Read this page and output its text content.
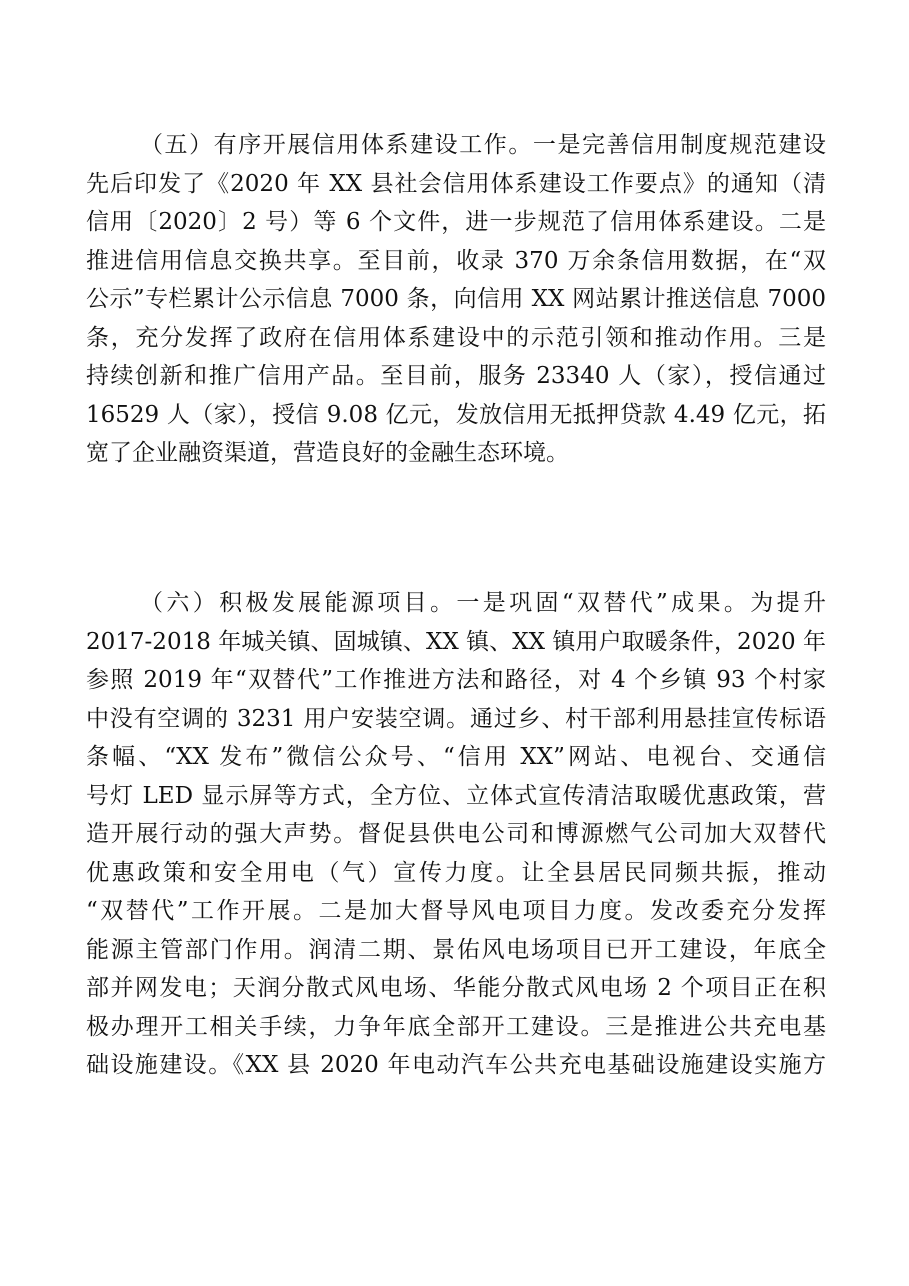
（五）有序开展信用体系建设工作。一是完善信用制度规范建设
先后印发了《2020 年 XX 县社会信用体系建设工作要点》的通知（清
信用〔2020〕2 号）等 6 个文件，进一步规范了信用体系建设。二是
推进信用信息交换共享。至目前，收录 370 万余条信用数据，在“双
公示”专栏累计公示信息 7000 条，向信用 XX 网站累计推送信息 7000
条，充分发挥了政府在信用体系建设中的示范引领和推动作用。三是
持续创新和推广信用产品。至目前，服务 23340 人（家），授信通过
16529 人（家），授信 9.08 亿元，发放信用无抵押贷款 4.49 亿元，拓
宽了企业融资渠道，营造良好的金融生态环境。
（六）积极发展能源项目。一是巩固“双替代”成果。为提升
2017-2018 年城关镇、固城镇、XX 镇、XX 镇用户取暖条件，2020 年
参照 2019 年“双替代”工作推进方法和路径，对 4 个乡镇 93 个村家
中没有空调的 3231 用户安装空调。通过乡、村干部利用悬挂宣传标语
条幅、“XX 发布”微信公众号、“信用 XX”网站、电视台、交通信
号灯 LED 显示屏等方式，全方位、立体式宣传清洁取暖优惠政策，营
造开展行动的强大声势。督促县供电公司和博源燃气公司加大双替代
优惠政策和安全用电（气）宣传力度。让全县居民同频共振，推动
“双替代”工作开展。二是加大督导风电项目力度。发改委充分发挥
能源主管部门作用。润清二期、景佑风电场项目已开工建设，年底全
部并网发电；天润分散式风电场、华能分散式风电场 2 个项目正在积
极办理开工相关手续，力争年底全部开工建设。三是推进公共充电基
础设施建设。《XX 县 2020 年电动汽车公共充电基础设施建设实施方
